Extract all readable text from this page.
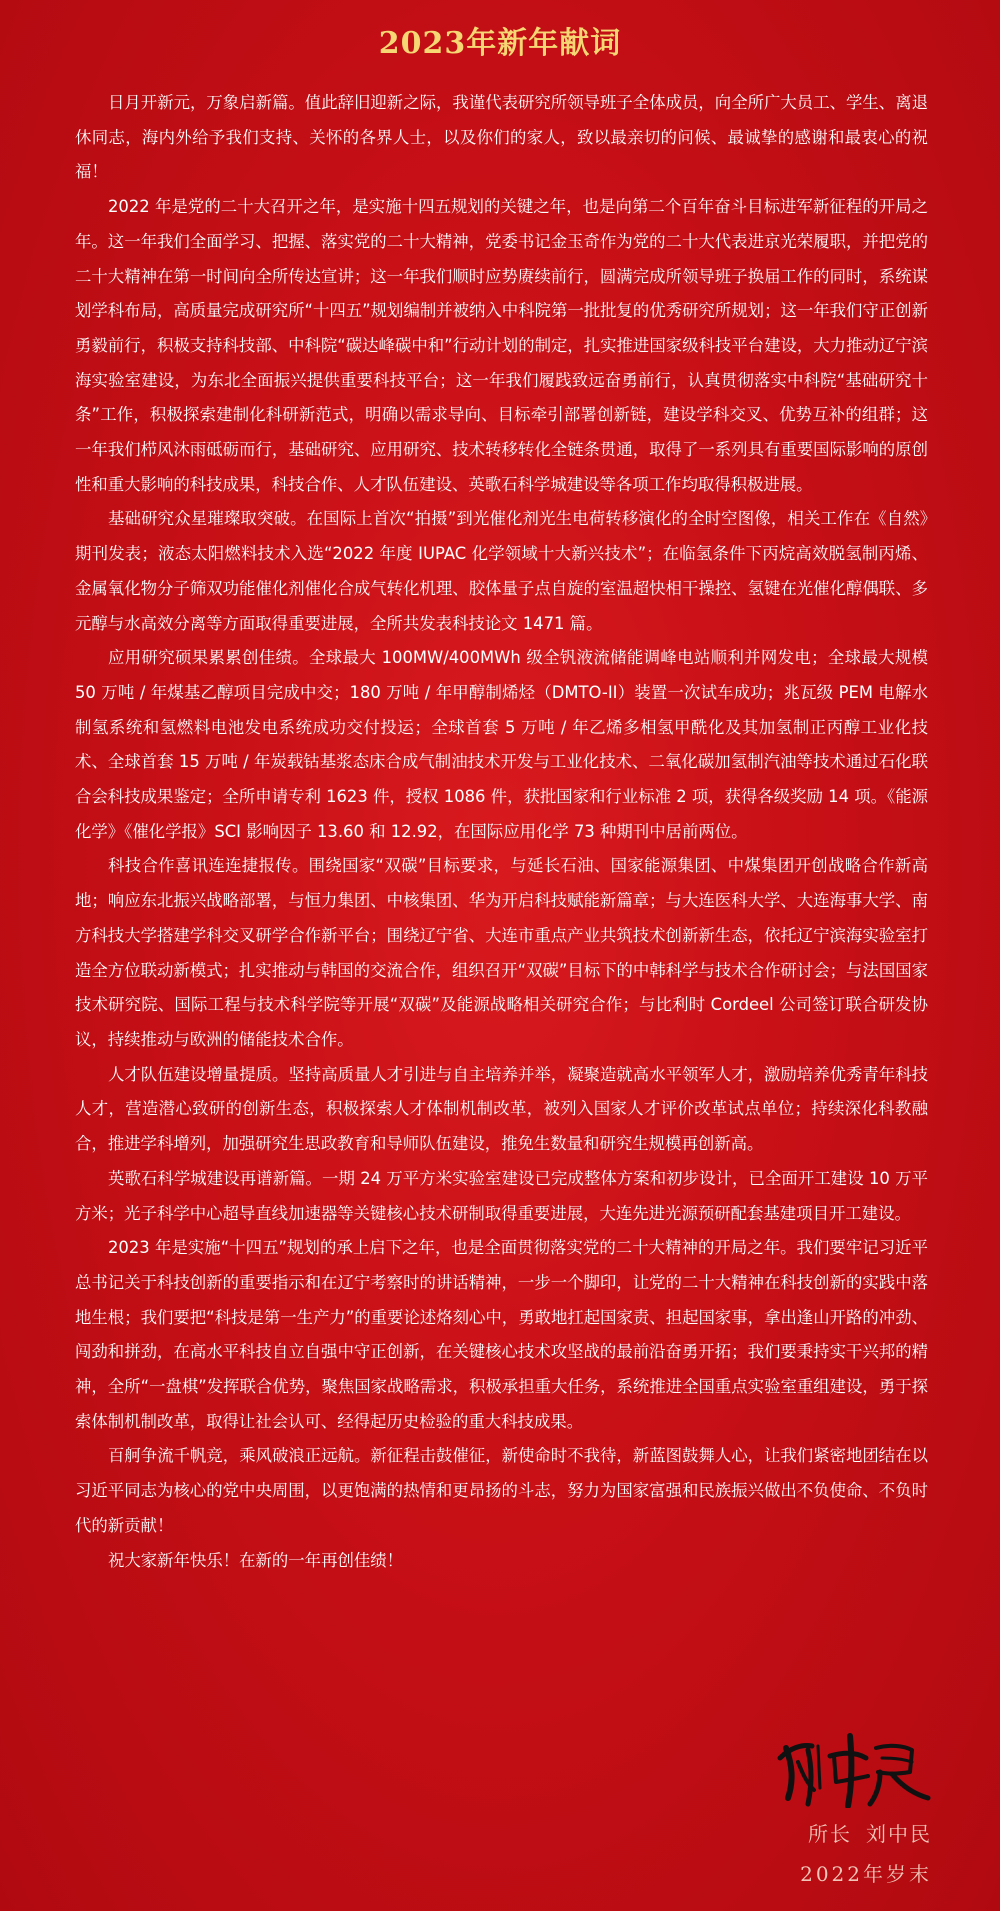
2023年新年献词

日月开新元，万象启新篇。值此辞旧迎新之际，我谨代表研究所领导班子全体成员，向全所广大员工、学生、离退休同志，海内外给予我们支持、关怀的各界人士，以及你们的家人，致以最亲切的问候、最诚挚的感谢和最衷心的祝福！

2022 年是党的二十大召开之年，是实施十四五规划的关键之年，也是向第二个百年奋斗目标进军新征程的开局之年。这一年我们全面学习、把握、落实党的二十大精神，党委书记金玉奇作为党的二十大代表进京光荣履职，并把党的二十大精神在第一时间向全所传达宣讲；这一年我们顺时应势赓续前行，圆满完成所领导班子换届工作的同时，系统谋划学科布局，高质量完成研究所“十四五”规划编制并被纳入中科院第一批批复的优秀研究所规划；这一年我们守正创新勇毅前行，积极支持科技部、中科院“碳达峰碳中和”行动计划的制定，扎实推进国家级科技平台建设，大力推动辽宁滨海实验室建设，为东北全面振兴提供重要科技平台；这一年我们履践致远奋勇前行，认真贯彻落实中科院“基础研究十条”工作，积极探索建制化科研新范式，明确以需求导向、目标牵引部署创新链，建设学科交叉、优势互补的组群；这一年我们栉风沐雨砥砺而行，基础研究、应用研究、技术转移转化全链条贯通，取得了一系列具有重要国际影响的原创性和重大影响的科技成果，科技合作、人才队伍建设、英歌石科学城建设等各项工作均取得积极进展。

基础研究众星璀璨取突破。在国际上首次“拍摄”到光催化剂光生电荷转移演化的全时空图像，相关工作在《自然》期刊发表；液态太阳燃料技术入选“2022 年度 IUPAC 化学领域十大新兴技术”；在临氢条件下丙烷高效脱氢制丙烯、金属氧化物分子筛双功能催化剂催化合成气转化机理、胶体量子点自旋的室温超快相干操控、氢键在光催化醇偶联、多元醇与水高效分离等方面取得重要进展，全所共发表科技论文 1471 篇。

应用研究硕果累累创佳绩。全球最大 100MW/400MWh 级全钒液流储能调峰电站顺利并网发电；全球最大规模 50 万吨 / 年煤基乙醇项目完成中交；180 万吨 / 年甲醇制烯烃（DMTO-II）装置一次试车成功；兆瓦级 PEM 电解水制氢系统和氢燃料电池发电系统成功交付投运；全球首套 5 万吨 / 年乙烯多相氢甲酰化及其加氢制正丙醇工业化技术、全球首套 15 万吨 / 年炭载钴基浆态床合成气制油技术开发与工业化技术、二氧化碳加氢制汽油等技术通过石化联合会科技成果鉴定；全所申请专利 1623 件，授权 1086 件，获批国家和行业标准 2 项，获得各级奖励 14 项。《能源化学》《催化学报》SCI 影响因子 13.60 和 12.92，在国际应用化学 73 种期刊中居前两位。

科技合作喜讯连连捷报传。围绕国家“双碳”目标要求，与延长石油、国家能源集团、中煤集团开创战略合作新高地；响应东北振兴战略部署，与恒力集团、中核集团、华为开启科技赋能新篇章；与大连医科大学、大连海事大学、南方科技大学搭建学科交叉研学合作新平台；围绕辽宁省、大连市重点产业共筑技术创新新生态，依托辽宁滨海实验室打造全方位联动新模式；扎实推动与韩国的交流合作，组织召开“双碳”目标下的中韩科学与技术合作研讨会；与法国国家技术研究院、国际工程与技术科学院等开展“双碳”及能源战略相关研究合作；与比利时 Cordeel 公司签订联合研发协议，持续推动与欧洲的储能技术合作。

人才队伍建设增量提质。坚持高质量人才引进与自主培养并举，凝聚造就高水平领军人才，激励培养优秀青年科技人才，营造潜心致研的创新生态，积极探索人才体制机制改革，被列入国家人才评价改革试点单位；持续深化科教融合，推进学科增列，加强研究生思政教育和导师队伍建设，推免生数量和研究生规模再创新高。

英歌石科学城建设再谱新篇。一期 24 万平方米实验室建设已完成整体方案和初步设计，已全面开工建设 10 万平方米；光子科学中心超导直线加速器等关键核心技术研制取得重要进展，大连先进光源预研配套基建项目开工建设。

2023 年是实施“十四五”规划的承上启下之年，也是全面贯彻落实党的二十大精神的开局之年。我们要牢记习近平总书记关于科技创新的重要指示和在辽宁考察时的讲话精神，一步一个脚印，让党的二十大精神在科技创新的实践中落地生根；我们要把“科技是第一生产力”的重要论述烙刻心中，勇敢地扛起国家责、担起国家事，拿出逢山开路的冲劲、闯劲和拼劲，在高水平科技自立自强中守正创新，在关键核心技术攻坚战的最前沿奋勇开拓；我们要秉持实干兴邦的精神，全所“一盘棋”发挥联合优势，聚焦国家战略需求，积极承担重大任务，系统推进全国重点实验室重组建设，勇于探索体制机制改革，取得让社会认可、经得起历史检验的重大科技成果。

百舸争流千帆竞，乘风破浪正远航。新征程击鼓催征，新使命时不我待，新蓝图鼓舞人心，让我们紧密地团结在以习近平同志为核心的党中央周围，以更饱满的热情和更昂扬的斗志，努力为国家富强和民族振兴做出不负使命、不负时代的新贡献！

祝大家新年快乐！在新的一年再创佳绩！

所长 刘中民
2022年岁末
